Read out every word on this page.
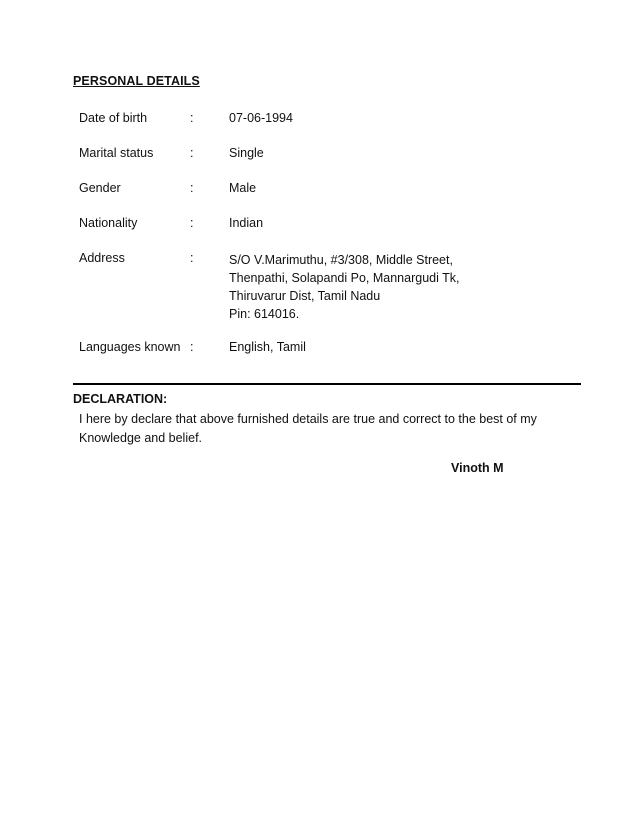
PERSONAL DETAILS
Date of birth	:	07-06-1994
Marital status	:	Single
Gender	:	Male
Nationality	:	Indian
Address	:	S/O V.Marimuthu, #3/308, Middle Street,
Thenpathi, Solapandi Po, Mannargudi Tk,
Thiruvarur Dist, Tamil Nadu
Pin: 614016.
Languages known :	English, Tamil
DECLARATION:
I here by declare that above furnished details are true and correct to the best of my Knowledge and belief.
Vinoth M
